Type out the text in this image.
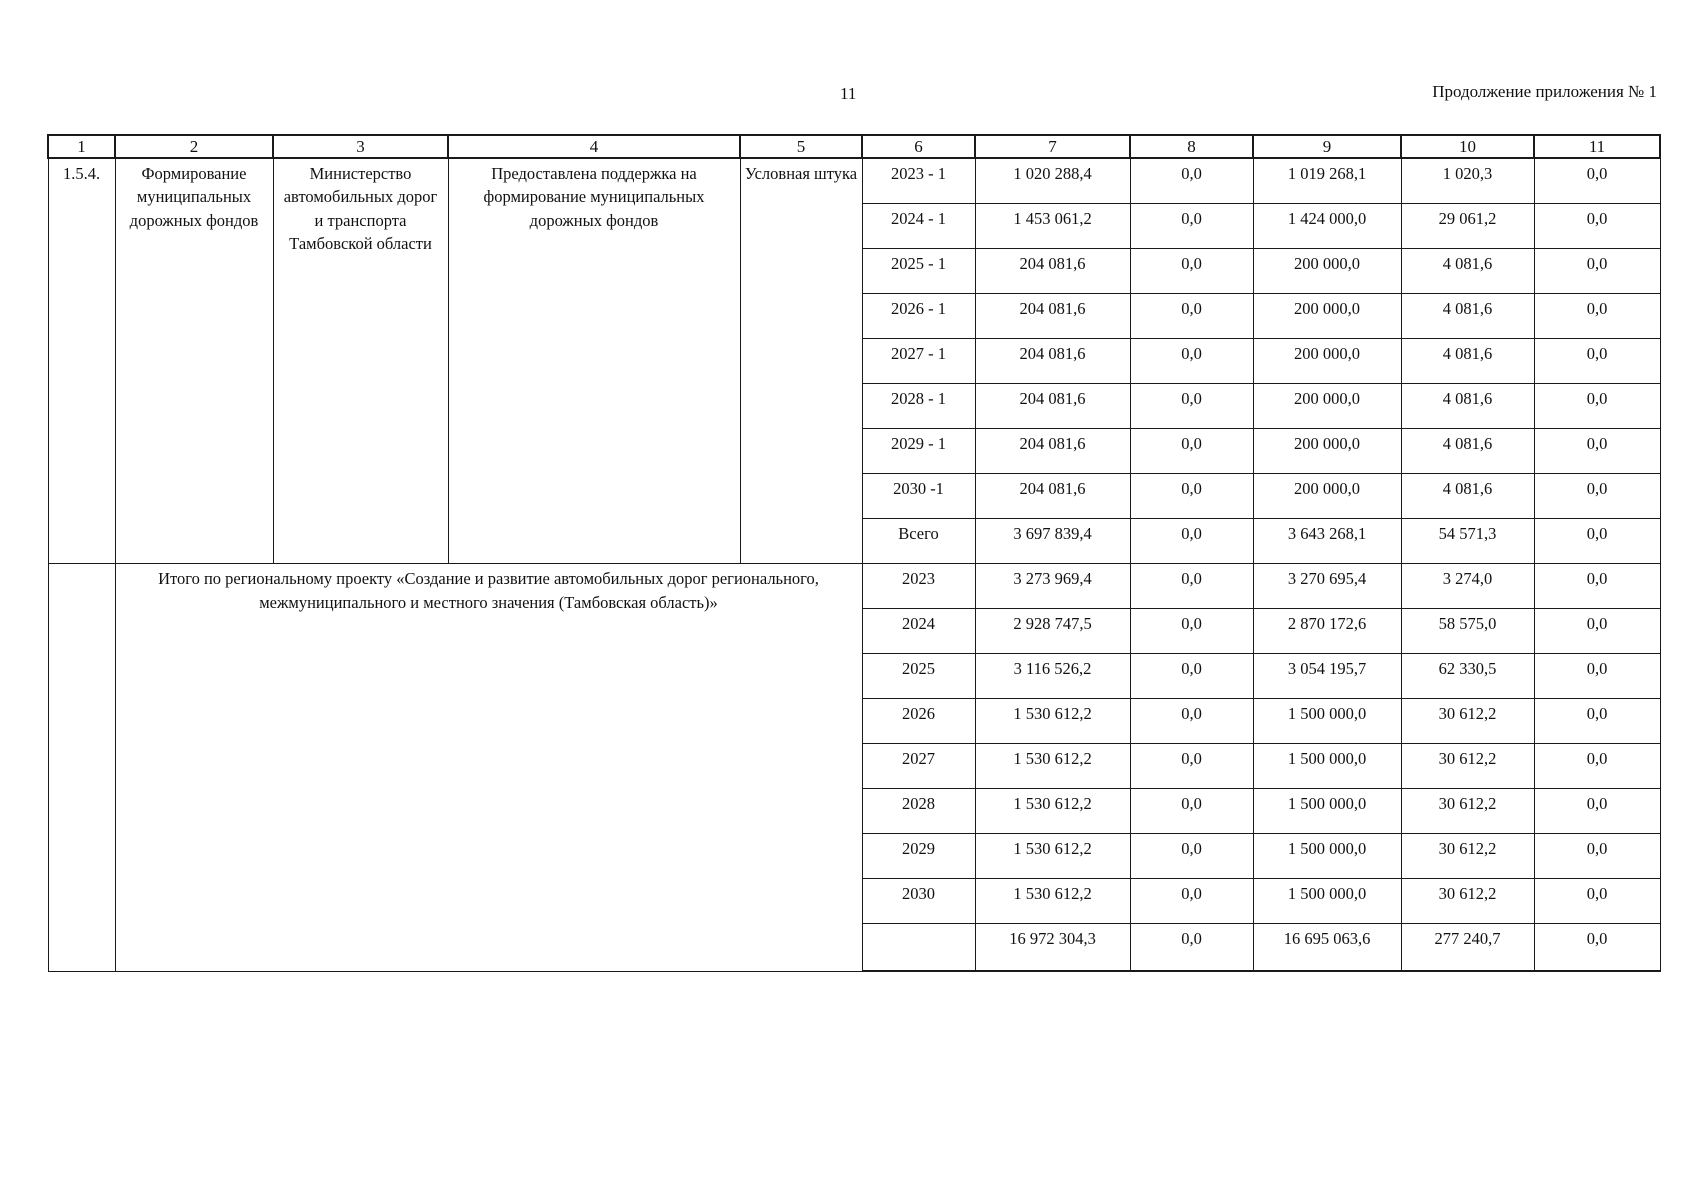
11	Продолжение приложения № 1
1	2	3	4	5	6	7	8	9	10	11
1.5.4.	Формирование муниципальных дорожных фондов	Министерство автомобильных дорог и транспорта Тамбовской области	Предоставлена поддержка на формирование муниципальных дорожных фондов	Условная штука	2023 - 1	1 020 288,4	0,0	1 019 268,1	1 020,3	0,0
					2024 - 1	1 453 061,2	0,0	1 424 000,0	29 061,2	0,0
					2025 - 1	204 081,6	0,0	200 000,0	4 081,6	0,0
					2026 - 1	204 081,6	0,0	200 000,0	4 081,6	0,0
					2027 - 1	204 081,6	0,0	200 000,0	4 081,6	0,0
					2028 - 1	204 081,6	0,0	200 000,0	4 081,6	0,0
					2029 - 1	204 081,6	0,0	200 000,0	4 081,6	0,0
					2030 -1	204 081,6	0,0	200 000,0	4 081,6	0,0
					Всего	3 697 839,4	0,0	3 643 268,1	54 571,3	0,0
	Итого по региональному проекту «Создание и развитие автомобильных дорог регионального, межмуниципального и местного значения (Тамбовская область)»				2023	3 273 969,4	0,0	3 270 695,4	3 274,0	0,0
					2024	2 928 747,5	0,0	2 870 172,6	58 575,0	0,0
					2025	3 116 526,2	0,0	3 054 195,7	62 330,5	0,0
					2026	1 530 612,2	0,0	1 500 000,0	30 612,2	0,0
					2027	1 530 612,2	0,0	1 500 000,0	30 612,2	0,0
					2028	1 530 612,2	0,0	1 500 000,0	30 612,2	0,0
					2029	1 530 612,2	0,0	1 500 000,0	30 612,2	0,0
					2030	1 530 612,2	0,0	1 500 000,0	30 612,2	0,0
						16 972 304,3	0,0	16 695 063,6	277 240,7	0,0
